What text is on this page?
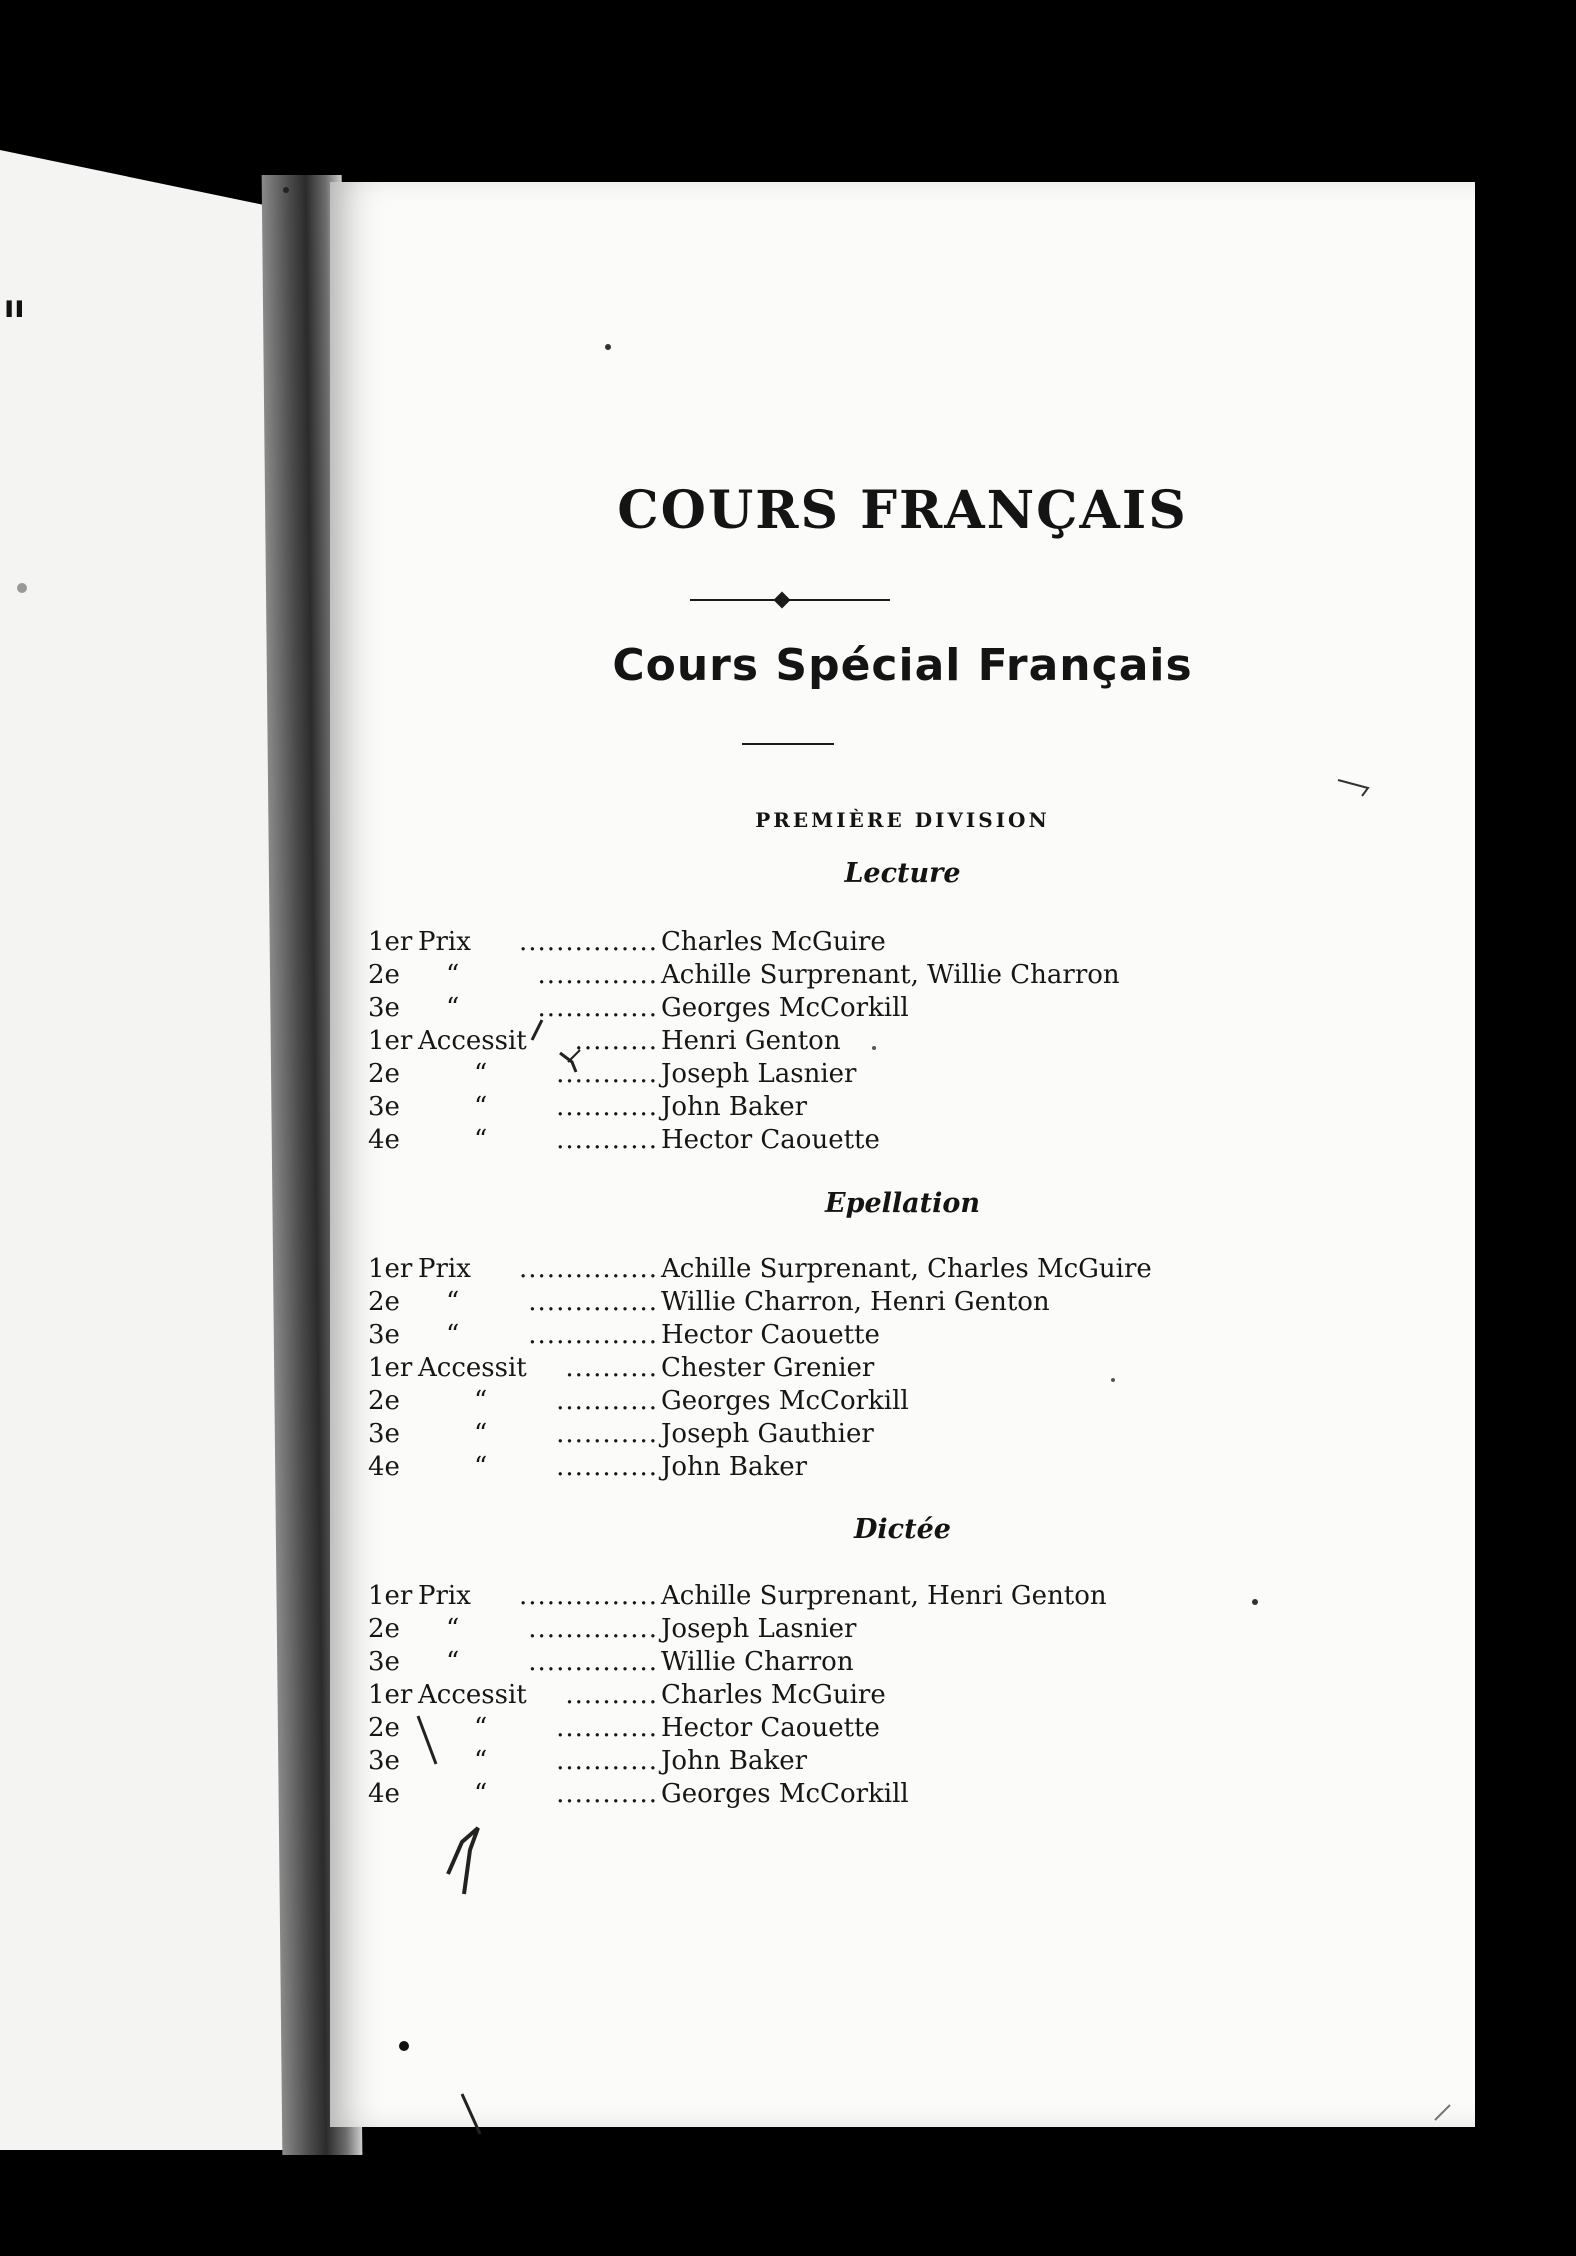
ıı
COURS FRANÇAIS
Cours Spécial Français
PREMIÈRE DIVISION
Lecture
1er Prix	............... Charles McGuire
2e “	............. Achille Surprenant, Willie Charron
3e “	............. Georges McCorkill
1er Accessit	......... Henri Genton
2e	“	........... Joseph Lasnier
3e	“	........... John Baker
4e	“	........... Hector Caouette
Epellation
1er Prix	............... Achille Surprenant, Charles McGuire
2e “	.............. Willie Charron, Henri Genton
3e “	.............. Hector Caouette
1er Accessit	.......... Chester Grenier
2e	“	........... Georges McCorkill
3e	“	........... Joseph Gauthier
4e	“	........... John Baker
Dictée
1er Prix	............... Achille Surprenant, Henri Genton
2e “	.............. Joseph Lasnier
3e “	.............. Willie Charron
1er Accessit	.......... Charles McGuire
2e	“	........... Hector Caouette
3e	“	........... John Baker
4e	“	........... Georges McCorkill
